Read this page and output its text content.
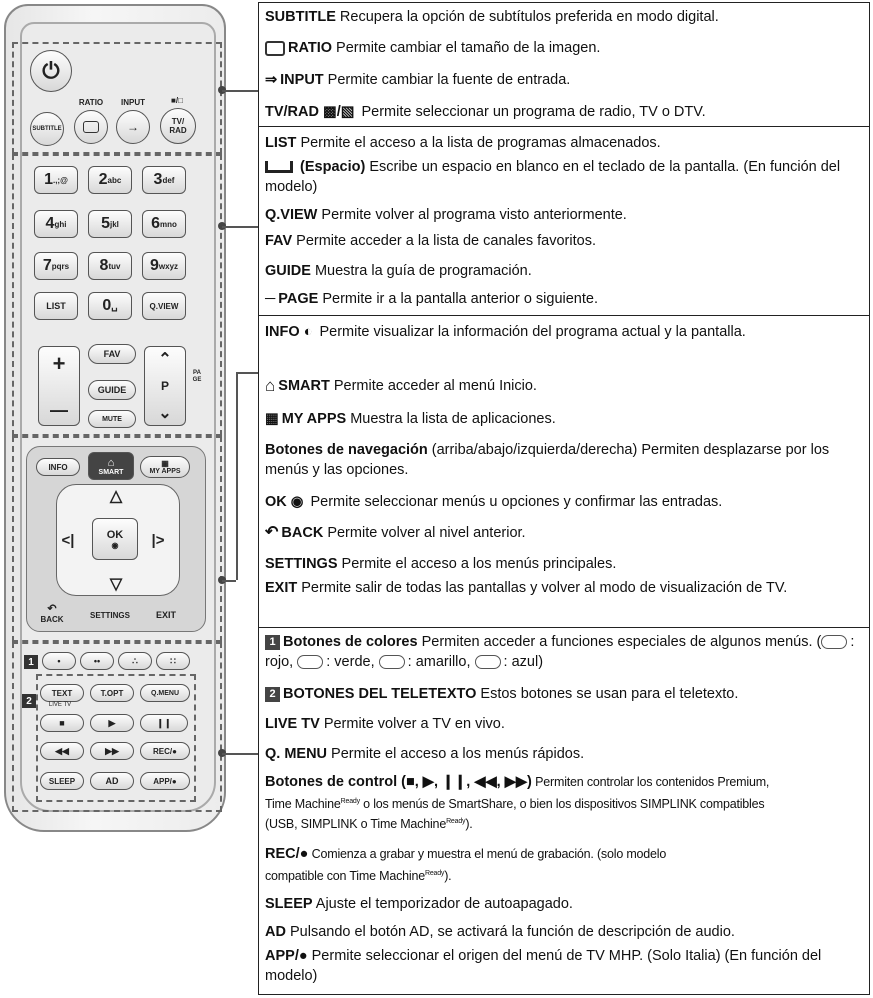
⏻
SUBTITLE
RATIO	INPUT
→
■/□
TV/ RAD
1 .,;@ 2 abc 3 def
4 ghi 5 jkl 6 mno
7 pqrs 8 tuv 9 wxyz
LIST	0 ␣	Q.VIEW
+
—
FAV
GUIDE
MUTE
⌃
P
⌄
PAGE
INFO	⌂
SMART
▦
MY APPS
△
▽
<|	|>
OK
◉
↶
BACK	SETTINGS	EXIT
1	•	••	∴	∷
2
TEXT
LIVE TV
T.OPT	Q.MENU
■	▶	❙❙
◀◀	▶▶	REC/●
SLEEP	AD	APP/●
SUBTITLE Recupera la opción de subtítulos preferida en modo digital.
RATIO Permite cambiar el tamaño de la imagen.
⇒ INPUT Permite cambiar la fuente de entrada.
TV/RAD ▩/▧ Permite seleccionar un programa de radio, TV o DTV.
LIST Permite el acceso a la lista de programas almacenados.
(Espacio) Escribe un espacio en blanco en el teclado de la pantalla. (En función del modelo)
Q.VIEW Permite volver al programa visto anteriormente.
FAV Permite acceder a la lista de canales favoritos.
GUIDE Muestra la guía de programación.
─ PAGE Permite ir a la pantalla anterior o siguiente.
INFO ◐ Permite visualizar la información del programa actual y la pantalla.
⌂ SMART Permite acceder al menú Inicio.
▦ MY APPS Muestra la lista de aplicaciones.
Botones de navegación (arriba/abajo/izquierda/derecha) Permiten desplazarse por los menús y las opciones.
OK ◉ Permite seleccionar menús u opciones y confirmar las entradas.
↶ BACK Permite volver al nivel anterior.
SETTINGS Permite el acceso a los menús principales.
EXIT Permite salir de todas las pantallas y volver al modo de visualización de TV.
1 Botones de colores Permiten acceder a funciones especiales de algunos menús. ( : rojo, : verde, : amarillo, : azul)
2 BOTONES DEL TELETEXTO Estos botones se usan para el teletexto.
LIVE TV Permite volver a TV en vivo.
Q. MENU Permite el acceso a los menús rápidos.
Botones de control (■, ▶, ❙❙, ◀◀, ▶▶) Permiten controlar los contenidos Premium,
Time Machine$^{Ready}$ o los menús de SmartShare, o bien los dispositivos SIMPLINK compatibles
(USB, SIMPLINK o Time Machine$^{Ready}$).
REC/● Comienza a grabar y muestra el menú de grabación. (solo modelo
compatible con Time Machine$^{Ready}$).
SLEEP Ajuste el temporizador de autoapagado.
AD Pulsando el botón AD, se activará la función de descripción de audio.
APP/● Permite seleccionar el origen del menú de TV MHP. (Solo Italia) (En función del modelo)
